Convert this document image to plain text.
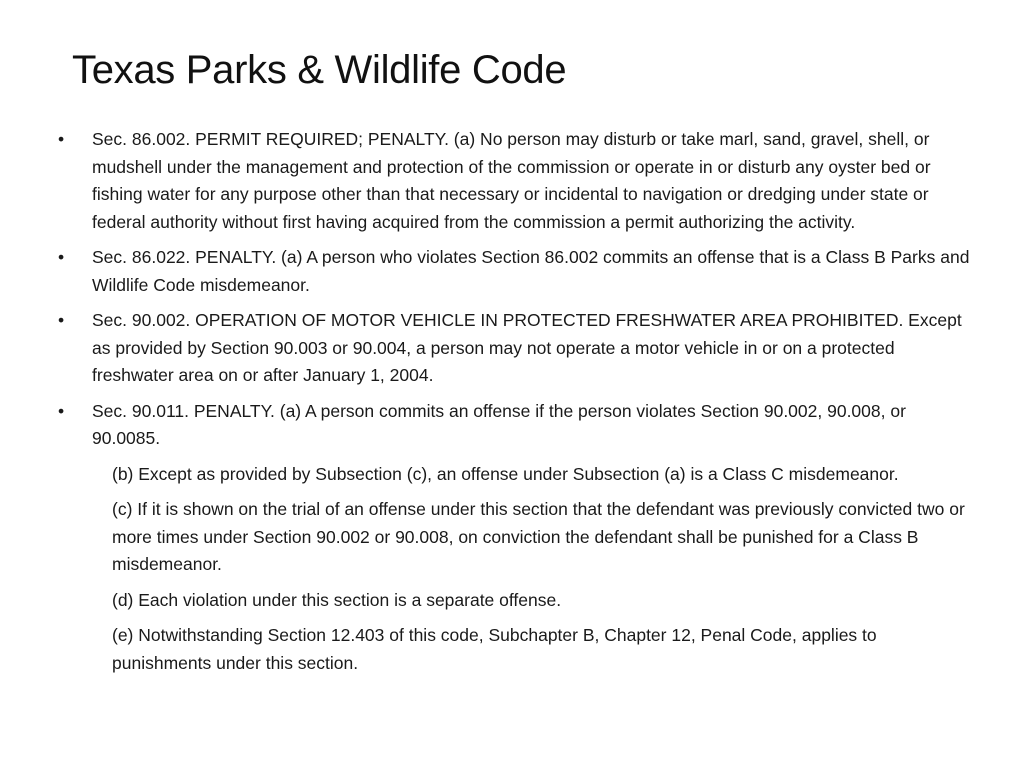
Texas Parks & Wildlife Code
•	Sec. 86.002. PERMIT REQUIRED; PENALTY. (a) No person may disturb or take marl, sand, gravel, shell, or mudshell under the management and protection of the commission or operate in or disturb any oyster bed or fishing water for any purpose other than that necessary or incidental to navigation or dredging under state or federal authority without first having acquired from the commission a permit authorizing the activity.
•	Sec. 86.022. PENALTY. (a) A person who violates Section 86.002 commits an offense that is a Class B Parks and Wildlife Code misdemeanor.
•	Sec. 90.002. OPERATION OF MOTOR VEHICLE IN PROTECTED FRESHWATER AREA PROHIBITED. Except as provided by Section 90.003 or 90.004, a person may not operate a motor vehicle in or on a protected freshwater area on or after January 1, 2004.
•	Sec. 90.011. PENALTY. (a) A person commits an offense if the person violates Section 90.002, 90.008, or 90.0085.
(b) Except as provided by Subsection (c), an offense under Subsection (a) is a Class C misdemeanor.
(c) If it is shown on the trial of an offense under this section that the defendant was previously convicted two or more times under Section 90.002 or 90.008, on conviction the defendant shall be punished for a Class B misdemeanor.
(d) Each violation under this section is a separate offense.
(e) Notwithstanding Section 12.403 of this code, Subchapter B, Chapter 12, Penal Code, applies to punishments under this section.
